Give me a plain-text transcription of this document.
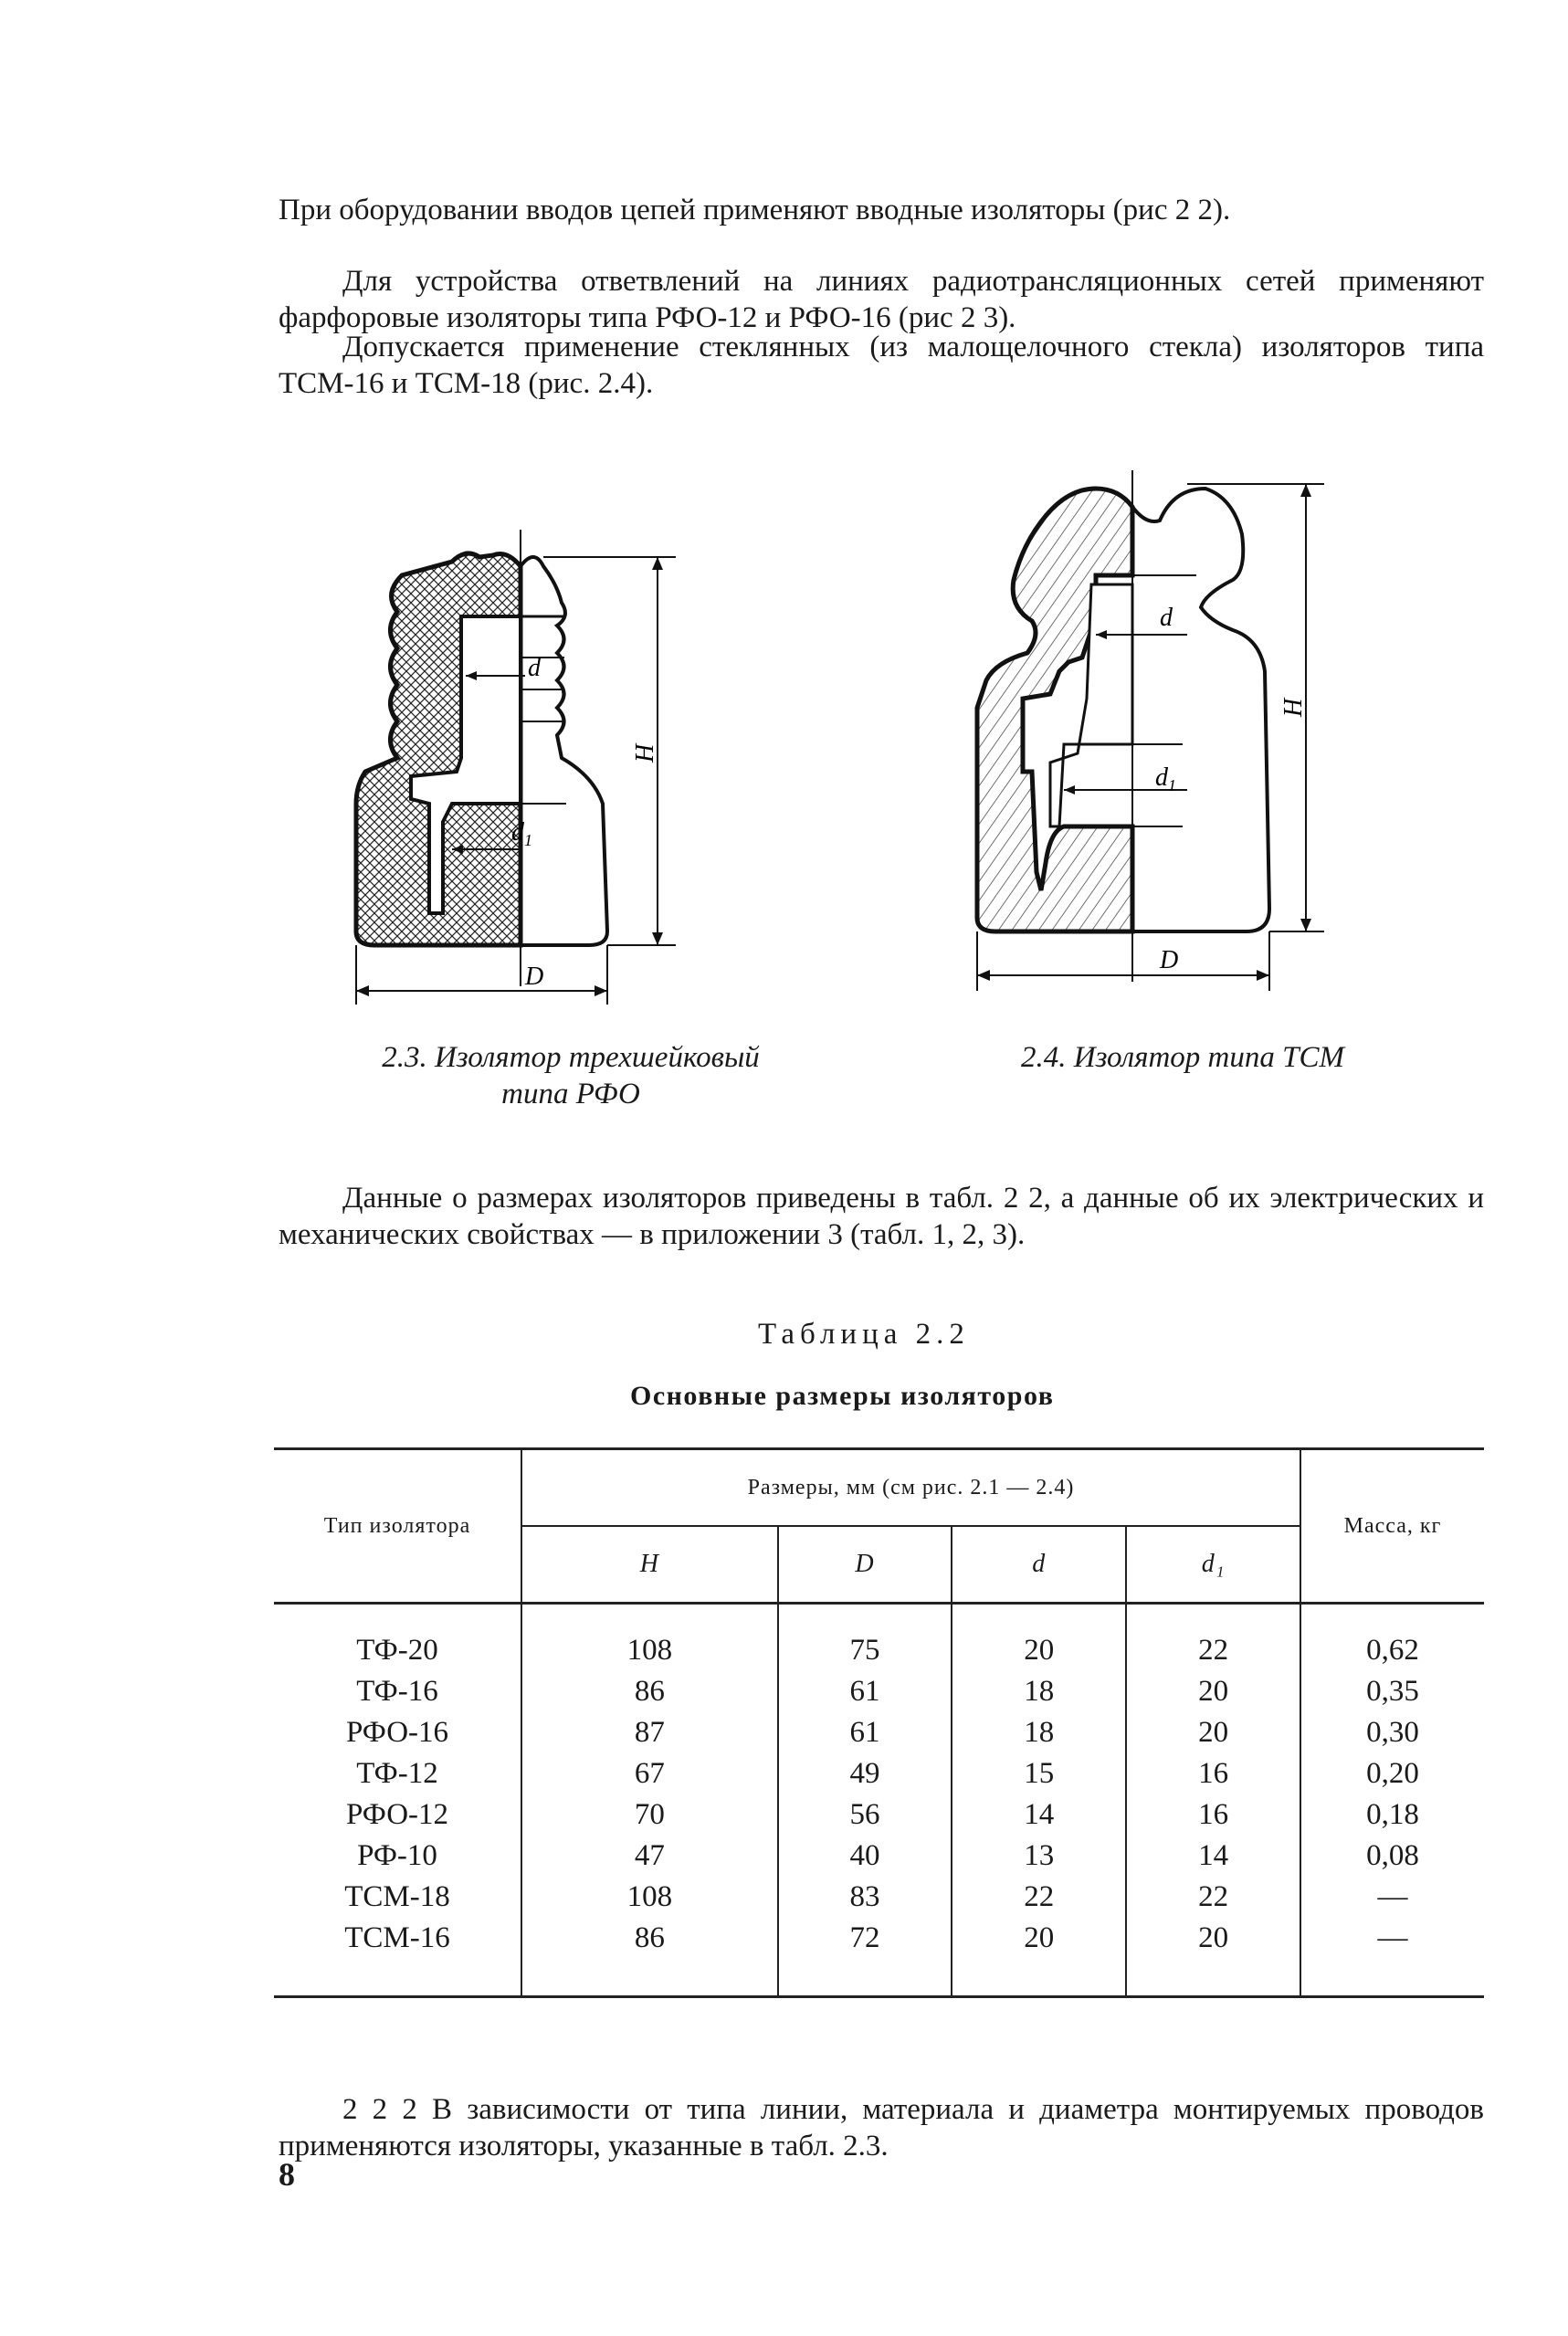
При оборудовании вводов цепей применяют вводные изоляторы (рис 2 2).

Для устройства ответвлений на линиях радиотрансляционных сетей применяют фарфоровые изоляторы типа РФО-12 и РФО-16 (рис 2 3).

Допускается применение стеклянных (из малощелочного стекла) изоляторов типа ТСМ-16 и ТСМ-18 (рис. 2.4).

d
$d_1$
H
D
d
$d_1$
H
D

2.3. Изолятор трехшейковый типа РФО

2.4. Изолятор типа ТСМ

Данные о размерах изоляторов приведены в табл. 2 2, а данные об их электрических и механических свойствах — в приложении 3 (табл. 1, 2, 3).

Таблица 2.2

Основные размеры изоляторов

Тип изолятора	Размеры, мм (см рис. 2.1 — 2.4)				Масса, кг
	H	D	d	d₁	
ТФ-20	108	75	20	22	0,62
ТФ-16	86	61	18	20	0,35
РФО-16	87	61	18	20	0,30
ТФ-12	67	49	15	16	0,20
РФО-12	70	56	14	16	0,18
РФ-10	47	40	13	14	0,08
ТСМ-18	108	83	22	22	—
ТСМ-16	86	72	20	20	—

2 2 2 В зависимости от типа линии, материала и диаметра монтируемых проводов применяются изоляторы, указанные в табл. 2.3.

8
